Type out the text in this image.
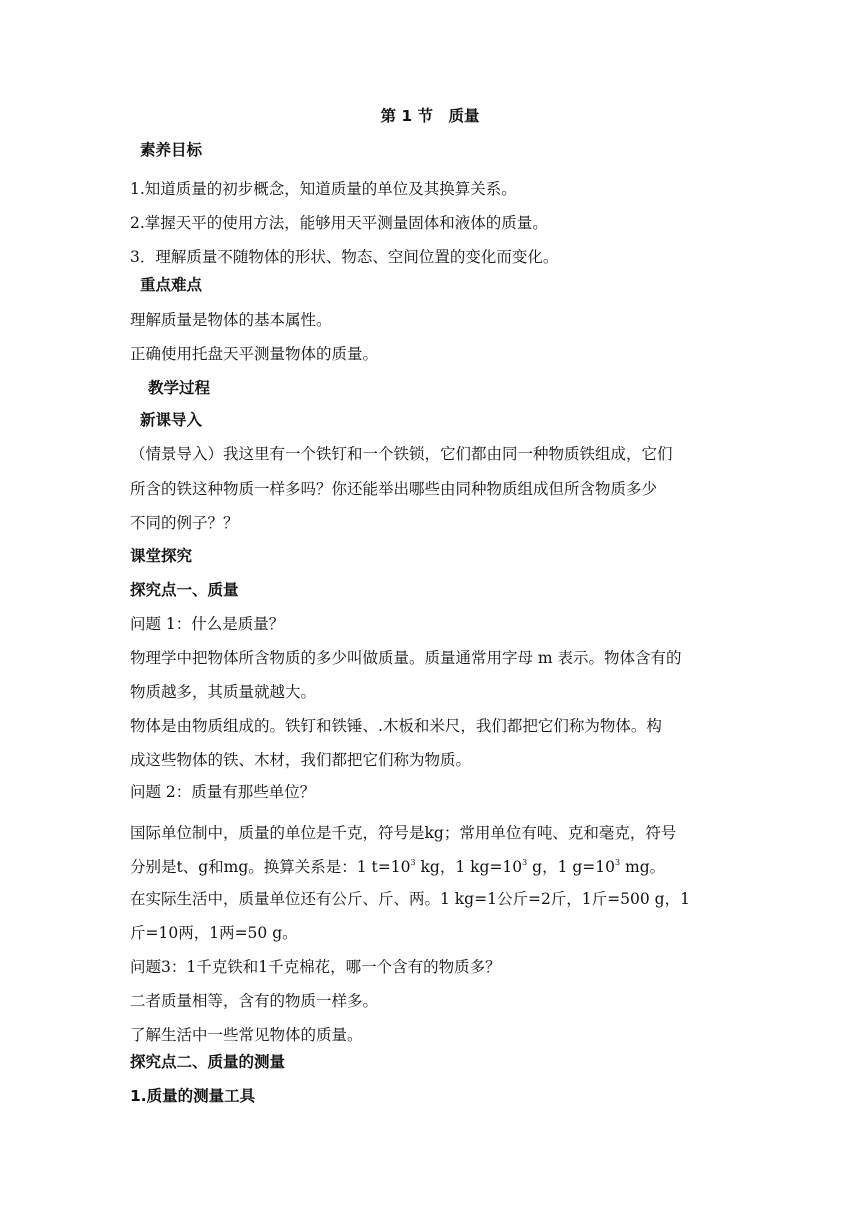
第 1 节　质量
素养目标
1.知道质量的初步概念，知道质量的单位及其换算关系。
2.掌握天平的使用方法，能够用天平测量固体和液体的质量。
3．理解质量不随物体的形状、物态、空间位置的变化而变化。
重点难点
理解质量是物体的基本属性。
正确使用托盘天平测量物体的质量。
教学过程
新课导入
（情景导入）我这里有一个铁钉和一个铁锁，它们都由同一种物质铁组成，它们
所含的铁这种物质一样多吗？你还能举出哪些由同种物质组成但所含物质多少
不同的例子？？
课堂探究
探究点一、质量
问题 1：什么是质量？
物理学中把物体所含物质的多少叫做质量。质量通常用字母 m 表示。物体含有的
物质越多，其质量就越大。
物体是由物质组成的。铁钉和铁锤、.木板和米尺，我们都把它们称为物体。构
成这些物体的铁、木材，我们都把它们称为物质。
问题 2：质量有那些单位？
国际单位制中，质量的单位是千克，符号是kg；常用单位有吨、克和毫克，符号
分别是t、g和mg。换算关系是：1 $t=10^3$ kg，1 $kg=10^3$ g，1 $g=10^3$ mg。
在实际生活中，质量单位还有公斤、斤、两。1 kg=1公斤=2斤，1斤=500 g，1
斤=10两，1两=50 g。
问题3：1千克铁和1千克棉花，哪一个含有的物质多？
二者质量相等，含有的物质一样多。
了解生活中一些常见物体的质量。
探究点二、质量的测量
1.质量的测量工具
